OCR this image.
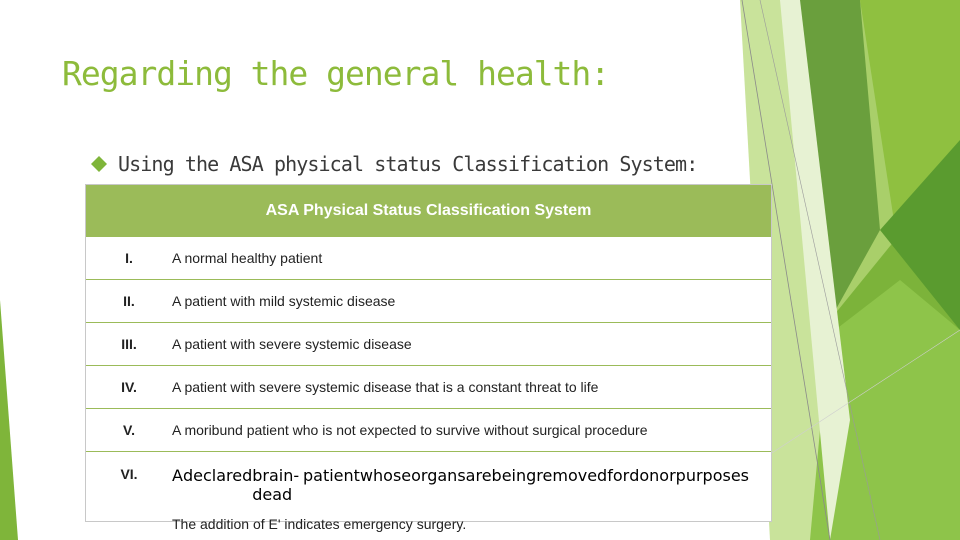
Regarding the general health:
Using the ASA physical status Classification System:
ASA Physical Status Classification System
I.	A normal healthy patient
II.	A patient with mild systemic disease
III.	A patient with severe systemic disease
IV.	A patient with severe systemic disease that is a constant threat to life
V.	A moribund patient who is not expected to survive without surgical procedure
VI.	A declared brain-dead
patient whose organs are being removed for donor purposes
The addition of E' indicates emergency surgery.
